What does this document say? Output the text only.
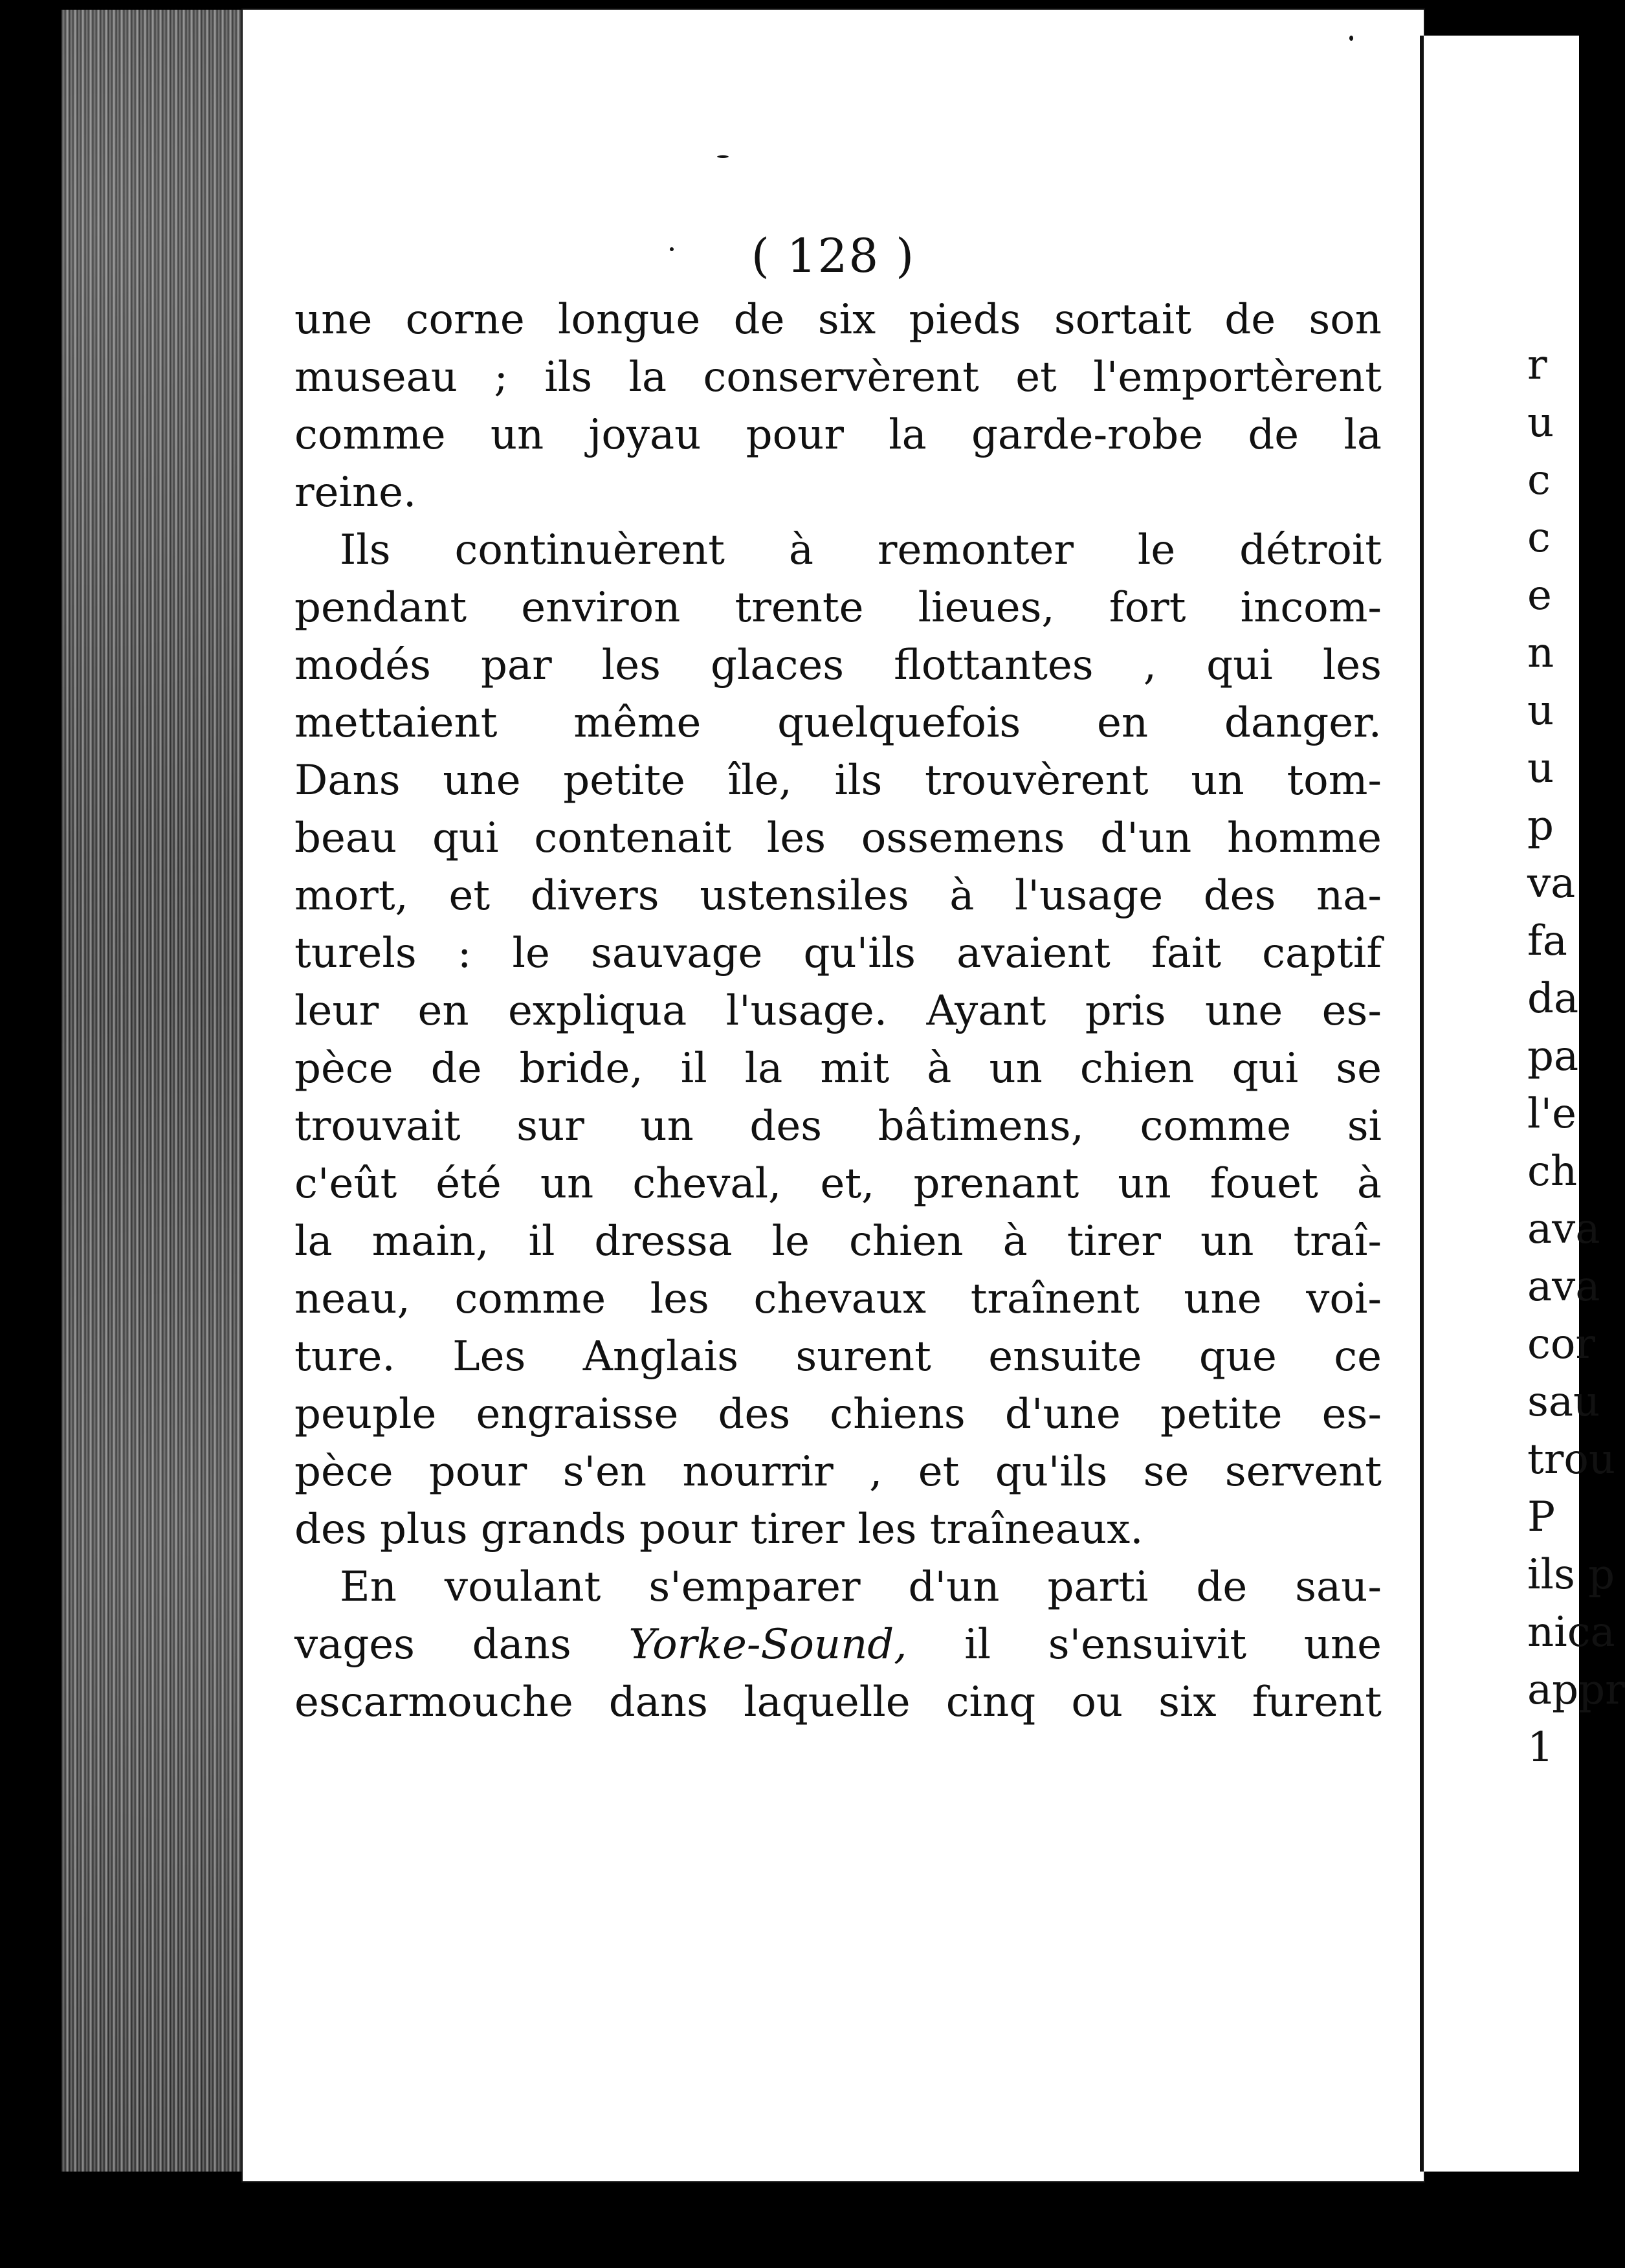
( 128 )
une corne longue de six pieds sortait de son
museau ; ils la conservèrent et l'emportèrent
comme un joyau pour la garde-robe de la
reine.
Ils continuèrent à remonter le détroit
pendant environ trente lieues, fort incom-
modés par les glaces flottantes , qui les
mettaient même quelquefois en danger.
Dans une petite île, ils trouvèrent un tom-
beau qui contenait les ossemens d'un homme
mort, et divers ustensiles à l'usage des na-
turels : le sauvage qu'ils avaient fait captif
leur en expliqua l'usage. Ayant pris une es-
pèce de bride, il la mit à un chien qui se
trouvait sur un des bâtimens, comme si
c'eût été un cheval, et, prenant un fouet à
la main, il dressa le chien à tirer un traî-
neau, comme les chevaux traînent une voi-
ture. Les Anglais surent ensuite que ce
peuple engraisse des chiens d'une petite es-
pèce pour s'en nourrir , et qu'ils se servent
des plus grands pour tirer les traîneaux.
En voulant s'emparer d'un parti de sau-
vages dans Yorke-Sound, il s'ensuivit une
escarmouche dans laquelle cinq ou six furent
r
u
c
c
e
n
u
u
p
va
fa
da
pa
l'e
ch
ava
ava
cor
sau
trou
P
ils p
nica
appr
1
